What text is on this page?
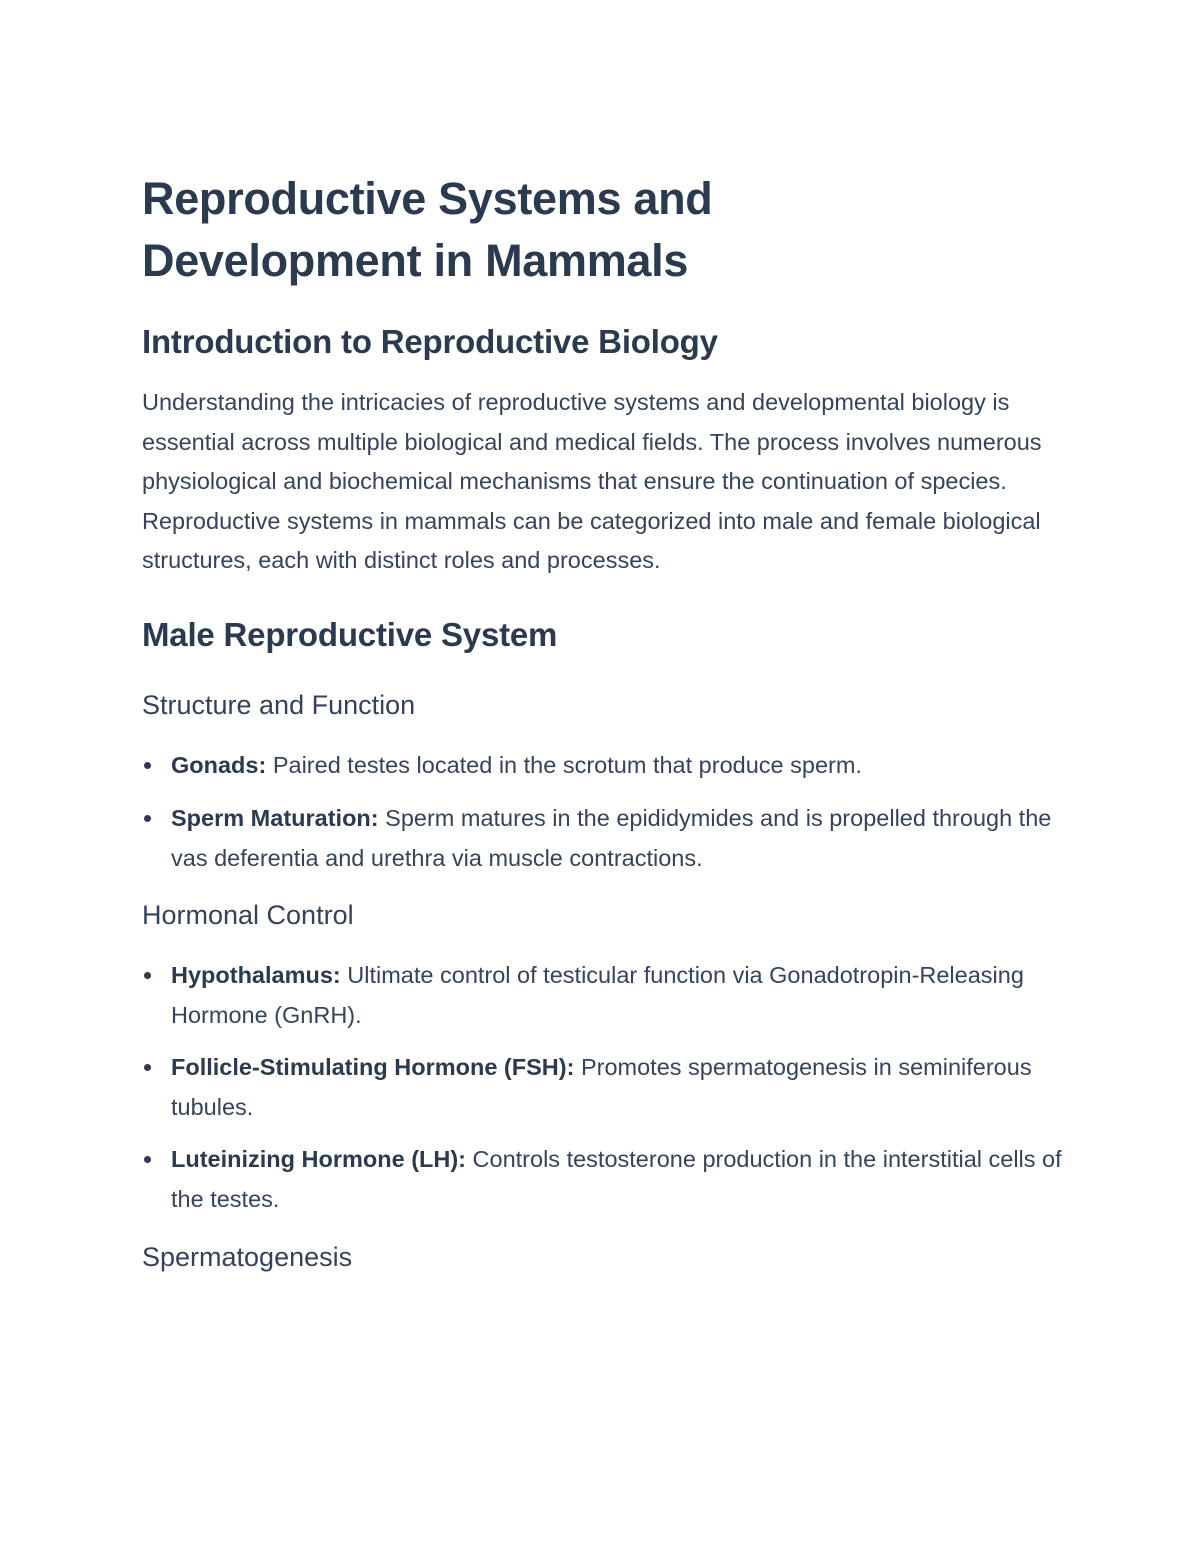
Reproductive Systems and
Development in Mammals
Introduction to Reproductive Biology

Understanding the intricacies of reproductive systems and developmental biology is essential across multiple biological and medical fields. The process involves numerous physiological and biochemical mechanisms that ensure the continuation of species. Reproductive systems in mammals can be categorized into male and female biological structures, each with distinct roles and processes.

Male Reproductive System
Structure and Function
Gonads: Paired testes located in the scrotum that produce sperm.
Sperm Maturation: Sperm matures in the epididymides and is propelled through the vas deferentia and urethra via muscle contractions.
Hormonal Control
Hypothalamus: Ultimate control of testicular function via Gonadotropin-Releasing Hormone (GnRH).
Follicle-Stimulating Hormone (FSH): Promotes spermatogenesis in seminiferous tubules.
Luteinizing Hormone (LH): Controls testosterone production in the interstitial cells of the testes.
Spermatogenesis
